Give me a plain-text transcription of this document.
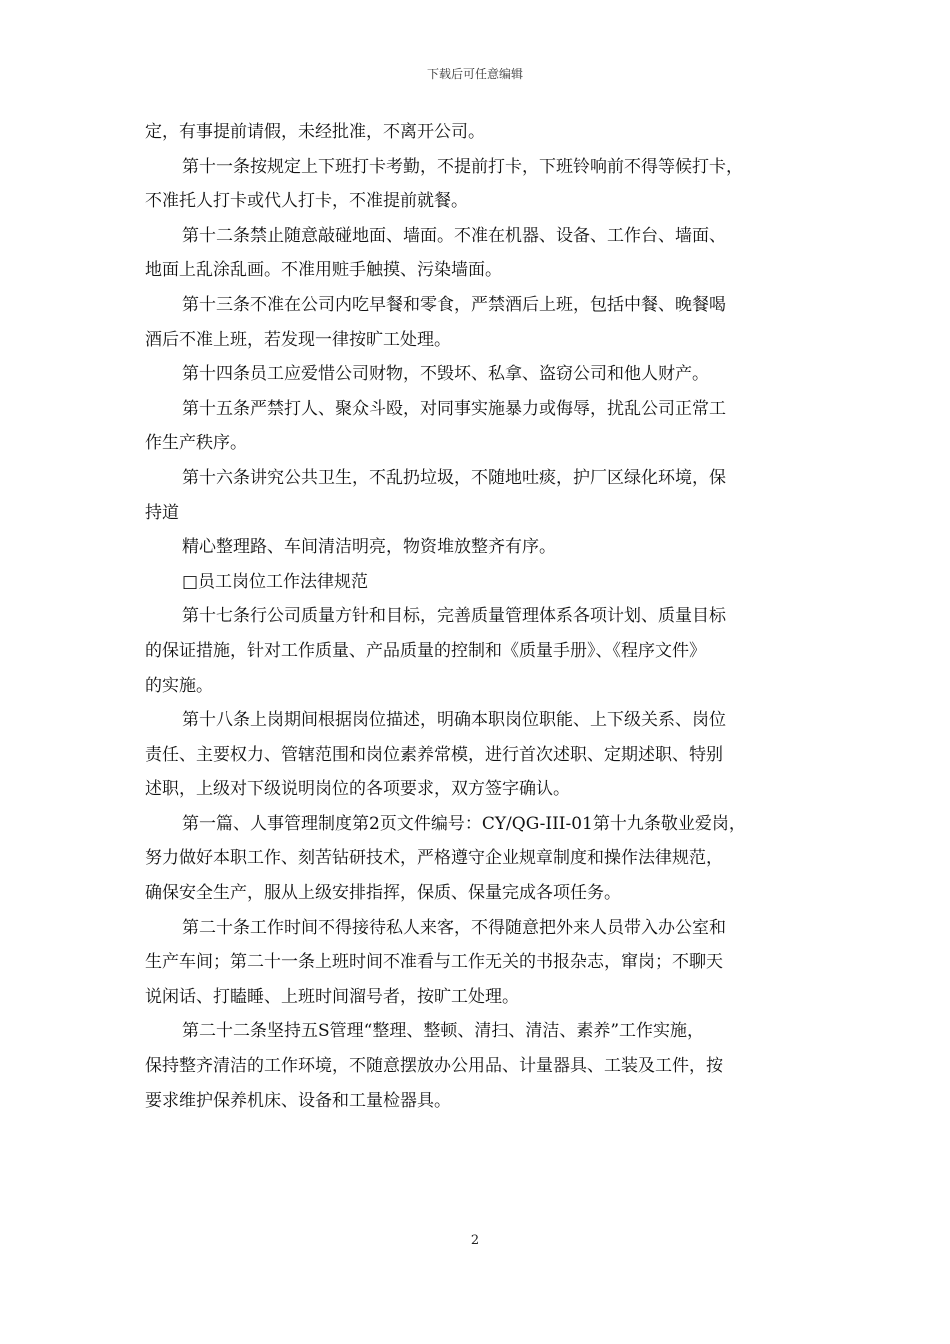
下载后可任意编辑
定，有事提前请假，未经批准，不离开公司。
第十一条按规定上下班打卡考勤，不提前打卡，下班铃响前不得等候打卡，
不准托人打卡或代人打卡，不准提前就餐。
第十二条禁止随意敲碰地面、墙面。不准在机器、设备、工作台、墙面、
地面上乱涂乱画。不准用赃手触摸、污染墙面。
第十三条不准在公司内吃早餐和零食，严禁酒后上班，包括中餐、晚餐喝
酒后不准上班，若发现一律按旷工处理。
第十四条员工应爱惜公司财物，不毁坏、私拿、盗窃公司和他人财产。
第十五条严禁打人、聚众斗殴，对同事实施暴力或侮辱，扰乱公司正常工
作生产秩序。
第十六条讲究公共卫生，不乱扔垃圾，不随地吐痰，护厂区绿化环境，保
持道
精心整理路、车间清洁明亮，物资堆放整齐有序。
□员工岗位工作法律规范
第十七条行公司质量方针和目标，完善质量管理体系各项计划、质量目标
的保证措施，针对工作质量、产品质量的控制和《质量手册》、《程序文件》
的实施。
第十八条上岗期间根据岗位描述，明确本职岗位职能、上下级关系、岗位
责任、主要权力、管辖范围和岗位素养常模，进行首次述职、定期述职、特别
述职，上级对下级说明岗位的各项要求，双方签字确认。
第一篇、人事管理制度第2页文件编号：CY/QG-III-01第十九条敬业爱岗，
努力做好本职工作、刻苦钻研技术，严格遵守企业规章制度和操作法律规范，
确保安全生产，服从上级安排指挥，保质、保量完成各项任务。
第二十条工作时间不得接待私人来客，不得随意把外来人员带入办公室和
生产车间；第二十一条上班时间不准看与工作无关的书报杂志，窜岗；不聊天
说闲话、打瞌睡、上班时间溜号者，按旷工处理。
第二十二条坚持五S管理“整理、整顿、清扫、清洁、素养”工作实施，
保持整齐清洁的工作环境，不随意摆放办公用品、计量器具、工装及工件，按
要求维护保养机床、设备和工量检器具。
2
